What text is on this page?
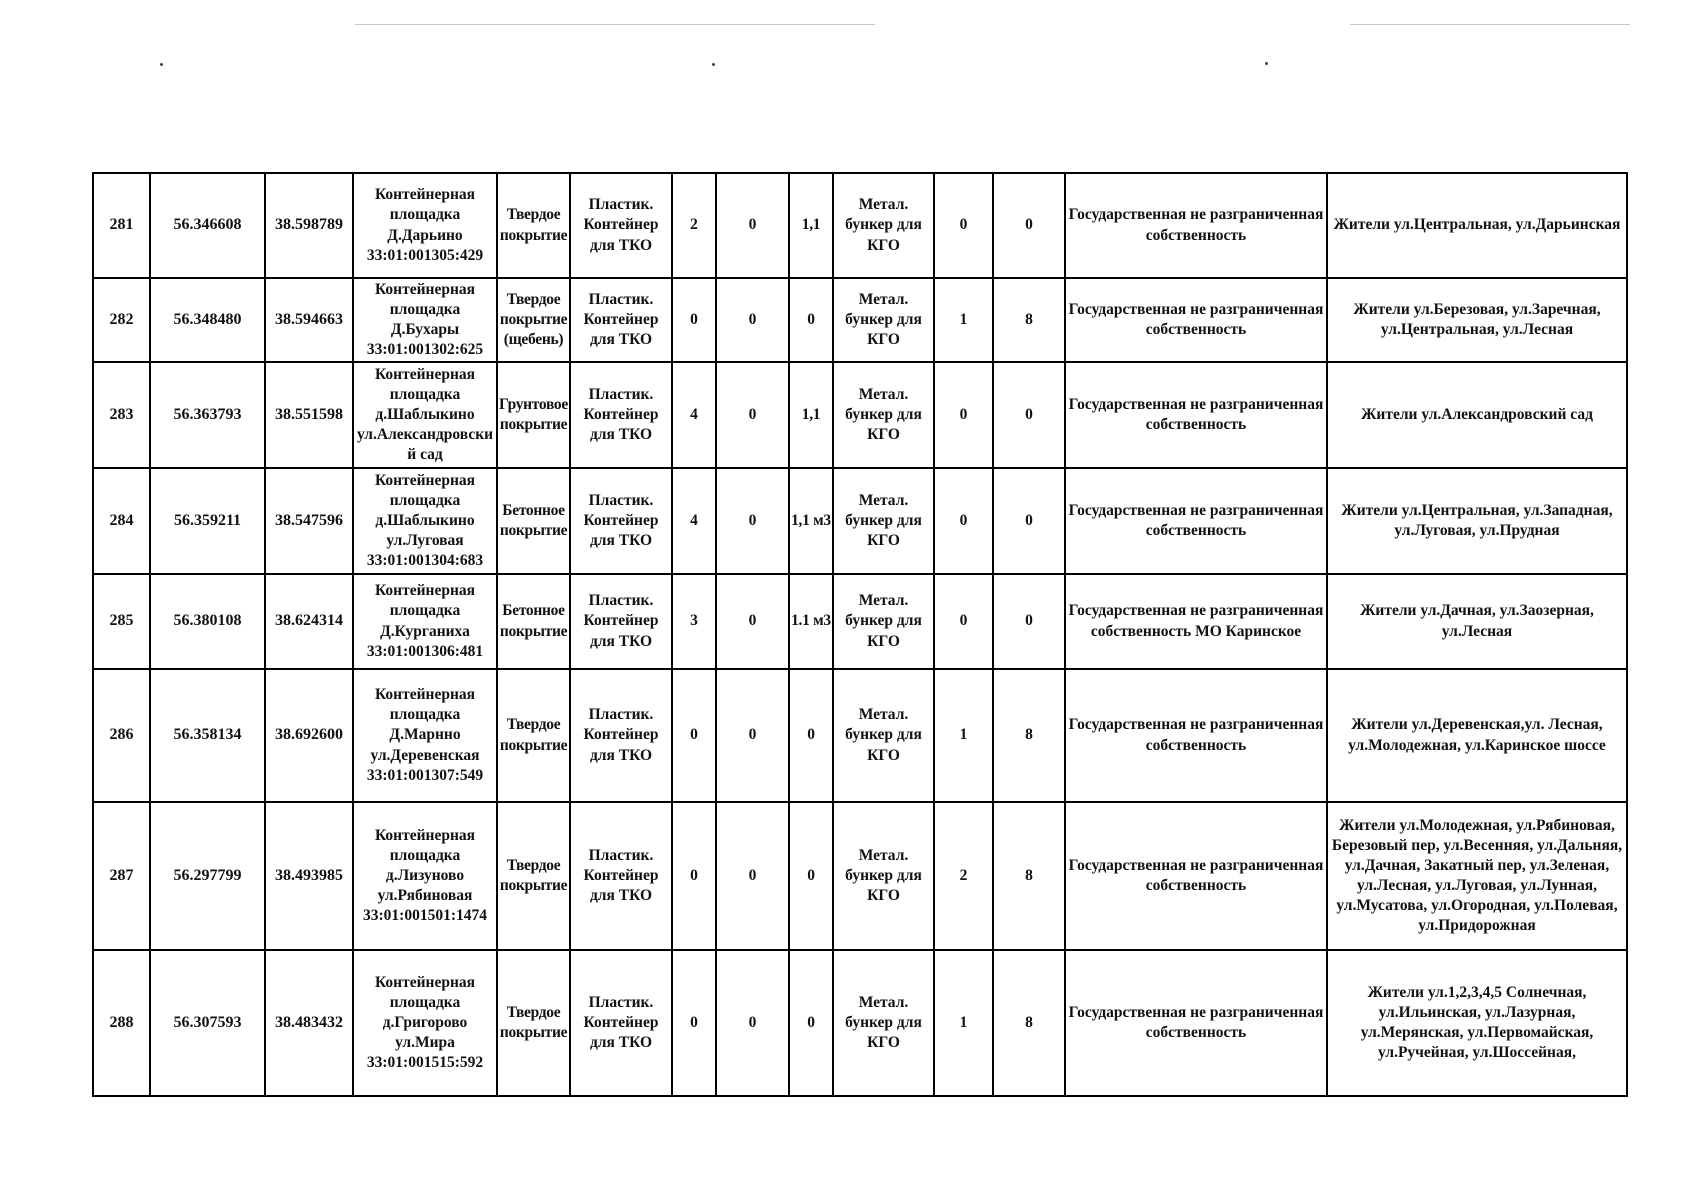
281	56.346608	38.598789	Контейнерная площадка Д.Дарьино 33:01:001305:429	Твердое покрытие	Пластик. Контейнер для ТКО	2	0	1,1	Метал. бункер для КГО	0	0	Государственная не разграниченная собственность	Жители ул.Центральная, ул.Дарьинская
282	56.348480	38.594663	Контейнерная площадка Д.Бухары 33:01:001302:625	Твердое покрытие (щебень)	Пластик. Контейнер для ТКО	0	0	0	Метал. бункер для КГО	1	8	Государственная не разграниченная собственность	Жители ул.Березовая, ул.Заречная, ул.Центральная, ул.Лесная
283	56.363793	38.551598	Контейнерная площадка д.Шаблыкино ул.Александровский сад	Грунтовое покрытие	Пластик. Контейнер для ТКО	4	0	1,1	Метал. бункер для КГО	0	0	Государственная не разграниченная собственность	Жители ул.Александровский сад
284	56.359211	38.547596	Контейнерная площадка д.Шаблыкино ул.Луговая 33:01:001304:683	Бетонное покрытие	Пластик. Контейнер для ТКО	4	0	1,1 м3	Метал. бункер для КГО	0	0	Государственная не разграниченная собственность	Жители ул.Центральная, ул.Западная, ул.Луговая, ул.Прудная
285	56.380108	38.624314	Контейнерная площадка Д.Курганиха 33:01:001306:481	Бетонное покрытие	Пластик. Контейнер для ТКО	3	0	1.1 м3	Метал. бункер для КГО	0	0	Государственная не разграниченная собственность МО Каринское	Жители ул.Дачная, ул.Заозерная, ул.Лесная
286	56.358134	38.692600	Контейнерная площадка Д.Марнно ул.Деревенская 33:01:001307:549	Твердое покрытие	Пластик. Контейнер для ТКО	0	0	0	Метал. бункер для КГО	1	8	Государственная не разграниченная собственность	Жители ул.Деревенская,ул. Лесная, ул.Молодежная, ул.Каринское шоссе
287	56.297799	38.493985	Контейнерная площадка д.Лизуново ул.Рябиновая 33:01:001501:1474	Твердое покрытие	Пластик. Контейнер для ТКО	0	0	0	Метал. бункер для КГО	2	8	Государственная не разграниченная собственность	Жители ул.Молодежная, ул.Рябиновая, Березовый пер, ул.Весенняя, ул.Дальняя, ул.Дачная, Закатный пер, ул.Зеленая, ул.Лесная, ул.Луговая, ул.Лунная, ул.Мусатова, ул.Огородная, ул.Полевая, ул.Придорожная
288	56.307593	38.483432	Контейнерная площадка д.Григорово ул.Мира 33:01:001515:592	Твердое покрытие	Пластик. Контейнер для ТКО	0	0	0	Метал. бункер для КГО	1	8	Государственная не разграниченная собственность	Жители ул.1,2,3,4,5 Солнечная, ул.Ильинская, ул.Лазурная, ул.Мерянская, ул.Первомайская, ул.Ручейная, ул.Шоссейная,
